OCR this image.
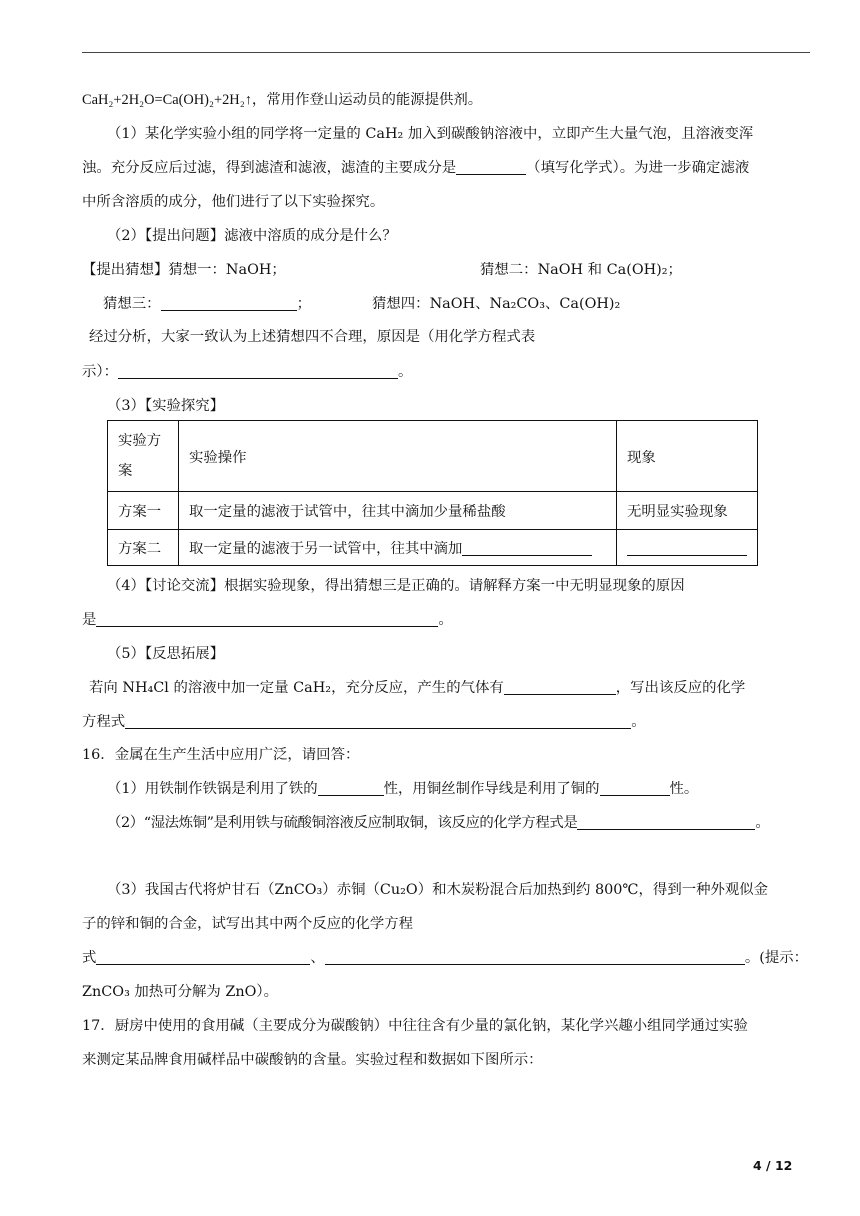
CaH₂+2H₂O=Ca(OH)₂+2H₂↑，常用作登山运动员的能源提供剂。
（1）某化学实验小组的同学将一定量的 CaH₂ 加入到碳酸钠溶液中，立即产生大量气泡，且溶液变浑
浊。充分反应后过滤，得到滤渣和滤液，滤渣的主要成分是	（填写化学式）。为进一步确定滤液
中所含溶质的成分，他们进行了以下实验探究。
（2）【提出问题】滤液中溶质的成分是什么？
【提出猜想】猜想一：NaOH；	猜想二：NaOH 和 Ca(OH)₂；
猜想三：	；	猜想四：NaOH、Na₂CO₃、Ca(OH)₂
经过分析，大家一致认为上述猜想四不合理，原因是（用化学方程式表
示）：	。
（3）【实验探究】
实验方案	实验操作	现象
方案一	取一定量的滤液于试管中，往其中滴加少量稀盐酸	无明显实验现象
方案二	取一定量的滤液于另一试管中，往其中滴加	
（4）【讨论交流】根据实验现象，得出猜想三是正确的。请解释方案一中无明显现象的原因
是	。
（5）【反思拓展】
若向 NH₄Cl 的溶液中加一定量 CaH₂，充分反应，产生的气体有	，写出该反应的化学
方程式	。
16．金属在生产生活中应用广泛，请回答：
（1）用铁制作铁锅是利用了铁的	性，用铜丝制作导线是利用了铜的	性。
（2）“湿法炼铜”是利用铁与硫酸铜溶液反应制取铜，该反应的化学方程式是	。
（3）我国古代将炉甘石（ZnCO₃）赤铜（Cu₂O）和木炭粉混合后加热到约 800℃，得到一种外观似金
子的锌和铜的合金，试写出其中两个反应的化学方程
式	、	。(提示：
ZnCO₃ 加热可分解为 ZnO）。
17．厨房中使用的食用碱（主要成分为碳酸钠）中往往含有少量的氯化钠，某化学兴趣小组同学通过实验
来测定某品牌食用碱样品中碳酸钠的含量。实验过程和数据如下图所示：
4 / 12
